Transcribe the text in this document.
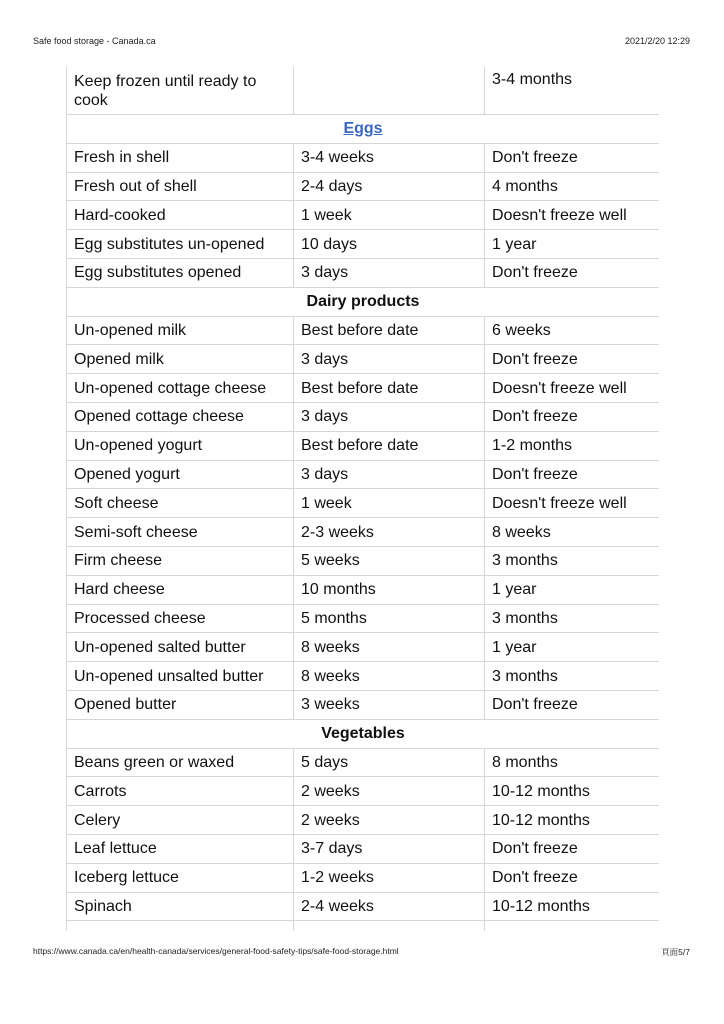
Safe food storage - Canada.ca	2021/2/20 12:29
Keep frozen until ready to cook		3-4 months
Eggs		
Fresh in shell	3-4 weeks	Don't freeze
Fresh out of shell	2-4 days	4 months
Hard-cooked	1 week	Doesn't freeze well
Egg substitutes un-opened	10 days	1 year
Egg substitutes opened	3 days	Don't freeze
Dairy products		
Un-opened milk	Best before date	6 weeks
Opened milk	3 days	Don't freeze
Un-opened cottage cheese	Best before date	Doesn't freeze well
Opened cottage cheese	3 days	Don't freeze
Un-opened yogurt	Best before date	1-2 months
Opened yogurt	3 days	Don't freeze
Soft cheese	1 week	Doesn't freeze well
Semi-soft cheese	2-3 weeks	8 weeks
Firm cheese	5 weeks	3 months
Hard cheese	10 months	1 year
Processed cheese	5 months	3 months
Un-opened salted butter	8 weeks	1 year
Un-opened unsalted butter	8 weeks	3 months
Opened butter	3 weeks	Don't freeze
Vegetables		
Beans green or waxed	5 days	8 months
Carrots	2 weeks	10-12 months
Celery	2 weeks	10-12 months
Leaf lettuce	3-7 days	Don't freeze
Iceberg lettuce	1-2 weeks	Don't freeze
Spinach	2-4 weeks	10-12 months

https://www.canada.ca/en/health-canada/services/general-food-safety-tips/safe-food-storage.html	頁面5/7
